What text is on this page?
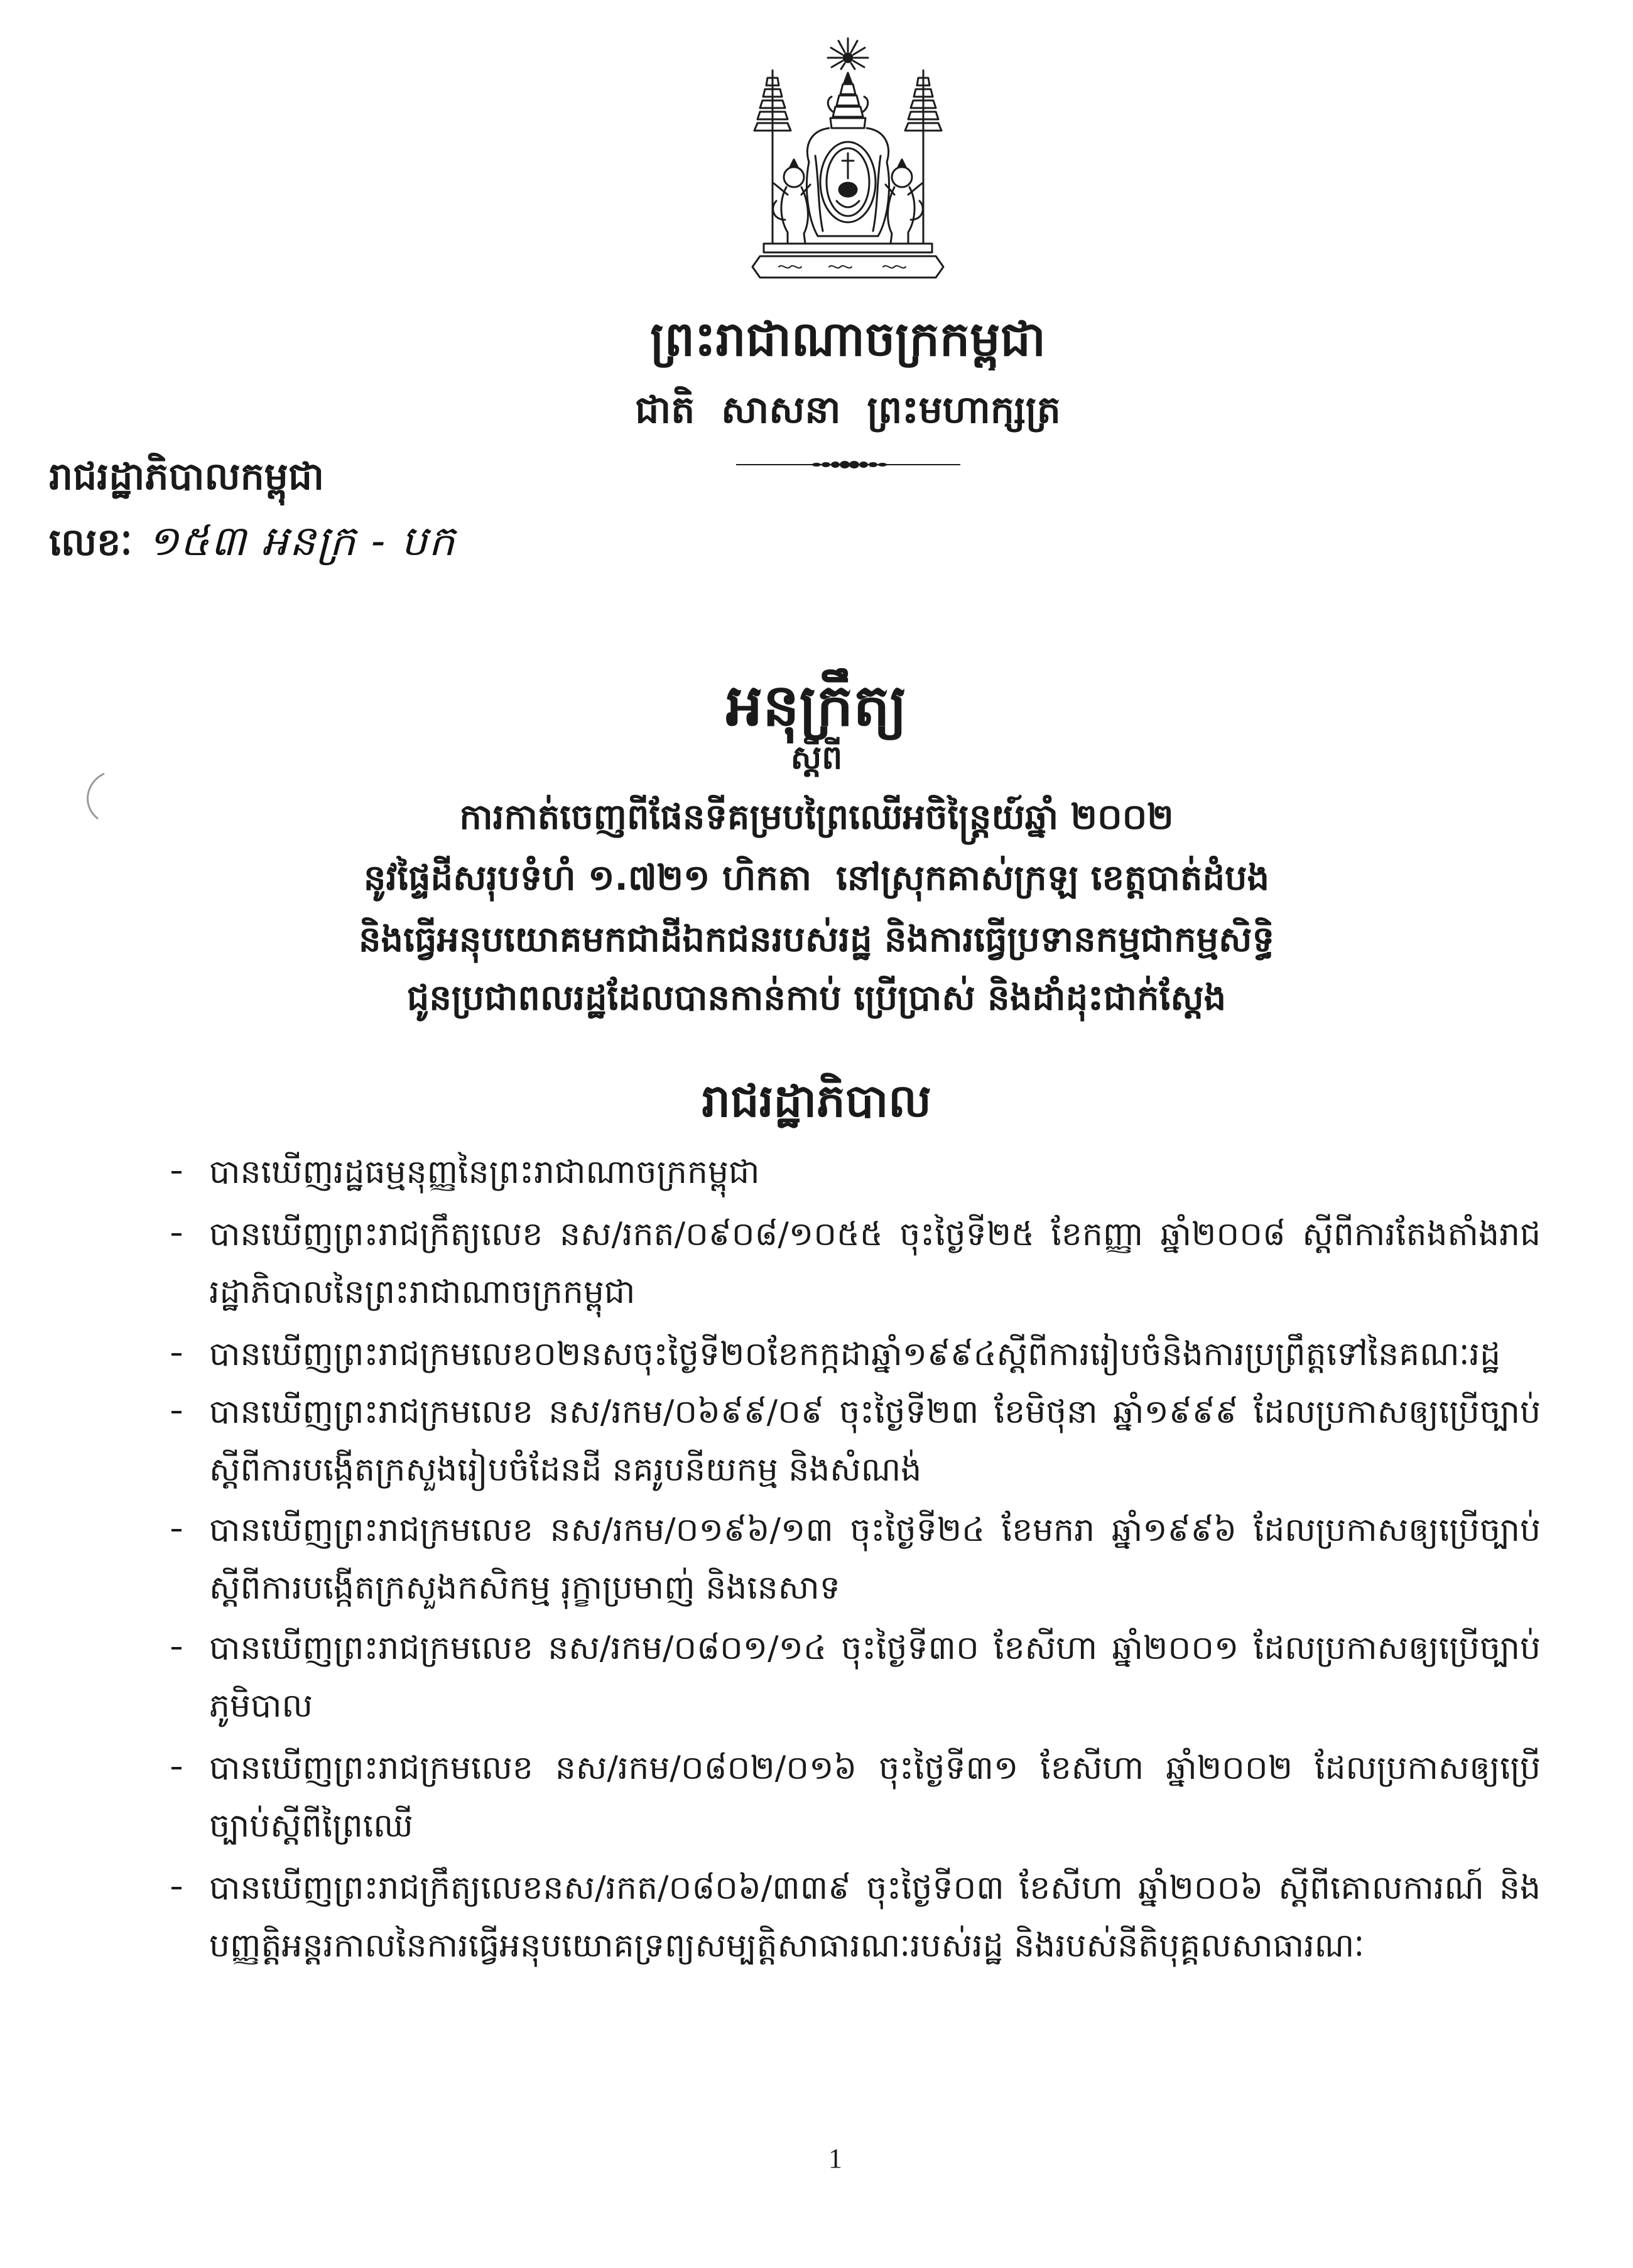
ព្រះរាជាណាចក្រកម្ពុជា
ជាតិ  សាសនា  ព្រះមហាក្សត្រ
រាជរដ្ឋាភិបាលកម្ពុជា
លេខៈ ១៥៣ អនក្រ - បក
អនុក្រឹត្យ
ស្តីពី
ការកាត់ចេញពីផែនទីគម្របព្រៃឈើអចិន្ត្រៃយ៍ឆ្នាំ ២០០២
នូវផ្ទៃដីសរុបទំហំ ១.៧២១ ហិកតា  នៅស្រុកគាស់ក្រឡ ខេត្តបាត់ដំបង
និងធ្វើអនុបយោគមកជាដីឯកជនរបស់រដ្ឋ និងការធ្វើប្រទានកម្មជាកម្មសិទ្ធិ
ជូនប្រជាពលរដ្ឋដែលបានកាន់កាប់ ប្រើប្រាស់ និងដាំដុះជាក់ស្តែង
រាជរដ្ឋាភិបាល
បានឃើញរដ្ឋធម្មនុញ្ញនៃព្រះរាជាណាចក្រកម្ពុជា
បានឃើញព្រះរាជក្រឹត្យលេខ នស/រកត/០៩០៨/១០៥៥ ចុះថ្ងៃទី២៥ ខែកញ្ញា ឆ្នាំ២០០៨ ស្តីពីការតែងតាំងរាជរដ្ឋាភិបាលនៃព្រះរាជាណាចក្រកម្ពុជា
បានឃើញព្រះរាជក្រមលេខ០២នសចុះថ្ងៃទី២០ខែកក្កដាឆ្នាំ១៩៩៤ស្តីពីការរៀបចំនិងការប្រព្រឹត្តទៅនៃគណៈរដ្ឋ
បានឃើញព្រះរាជក្រមលេខ នស/រកម/០៦៩៩/០៩ ចុះថ្ងៃទី២៣ ខែមិថុនា ឆ្នាំ១៩៩៩ ដែលប្រកាសឲ្យប្រើច្បាប់ស្តីពីការបង្កើតក្រសួងរៀបចំដែនដី នគរូបនីយកម្ម និងសំណង់
បានឃើញព្រះរាជក្រមលេខ នស/រកម/០១៩៦/១៣ ចុះថ្ងៃទី២៤ ខែមករា ឆ្នាំ១៩៩៦ ដែលប្រកាសឲ្យប្រើច្បាប់ស្តីពីការបង្កើតក្រសួងកសិកម្ម រុក្ខាប្រមាញ់ និងនេសាទ
បានឃើញព្រះរាជក្រមលេខ នស/រកម/០៨០១/១៤ ចុះថ្ងៃទី៣០ ខែសីហា ឆ្នាំ២០០១ ដែលប្រកាសឲ្យប្រើច្បាប់ភូមិបាល
បានឃើញព្រះរាជក្រមលេខ នស/រកម/០៨០២/០១៦ ចុះថ្ងៃទី៣១ ខែសីហា ឆ្នាំ២០០២ ដែលប្រកាសឲ្យប្រើច្បាប់ស្តីពីព្រៃឈើ
បានឃើញព្រះរាជក្រឹត្យលេខនស/រកត/០៨០៦/៣៣៩ ចុះថ្ងៃទី០៣ ខែសីហា ឆ្នាំ២០០៦ ស្តីពីគោលការណ៍ និងបញ្ញត្តិអន្តរកាលនៃការធ្វើអនុបយោគទ្រព្យសម្បត្តិសាធារណៈរបស់រដ្ឋ និងរបស់នីតិបុគ្គលសាធារណៈ
1
